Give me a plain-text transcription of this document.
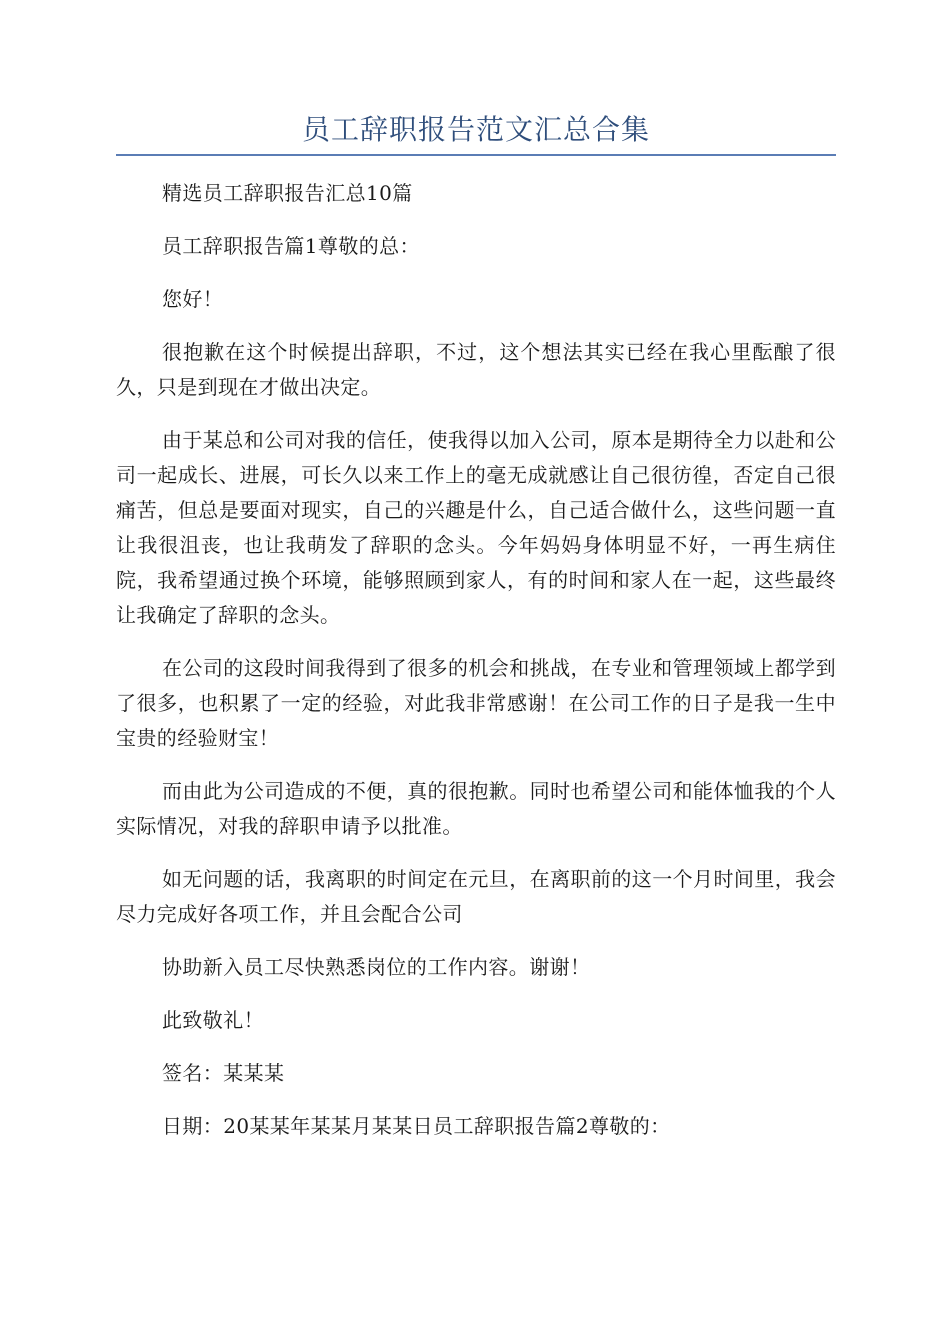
员工辞职报告范文汇总合集

精选员工辞职报告汇总10篇

员工辞职报告篇1尊敬的总：

您好！

很抱歉在这个时候提出辞职，不过，这个想法其实已经在我心里酝酿了很久，只是到现在才做出决定。

由于某总和公司对我的信任，使我得以加入公司，原本是期待全力以赴和公司一起成长、进展，可长久以来工作上的毫无成就感让自己很彷徨，否定自己很痛苦，但总是要面对现实，自己的兴趣是什么，自己适合做什么，这些问题一直让我很沮丧，也让我萌发了辞职的念头。今年妈妈身体明显不好，一再生病住院，我希望通过换个环境，能够照顾到家人，有的时间和家人在一起，这些最终让我确定了辞职的念头。

在公司的这段时间我得到了很多的机会和挑战，在专业和管理领域上都学到了很多，也积累了一定的经验，对此我非常感谢！在公司工作的日子是我一生中宝贵的经验财宝！

而由此为公司造成的不便，真的很抱歉。同时也希望公司和能体恤我的个人实际情况，对我的辞职申请予以批准。

如无问题的话，我离职的时间定在元旦，在离职前的这一个月时间里，我会尽力完成好各项工作，并且会配合公司

协助新入员工尽快熟悉岗位的工作内容。谢谢！

此致敬礼！

签名：某某某

日期：20某某年某某月某某日员工辞职报告篇2尊敬的：
